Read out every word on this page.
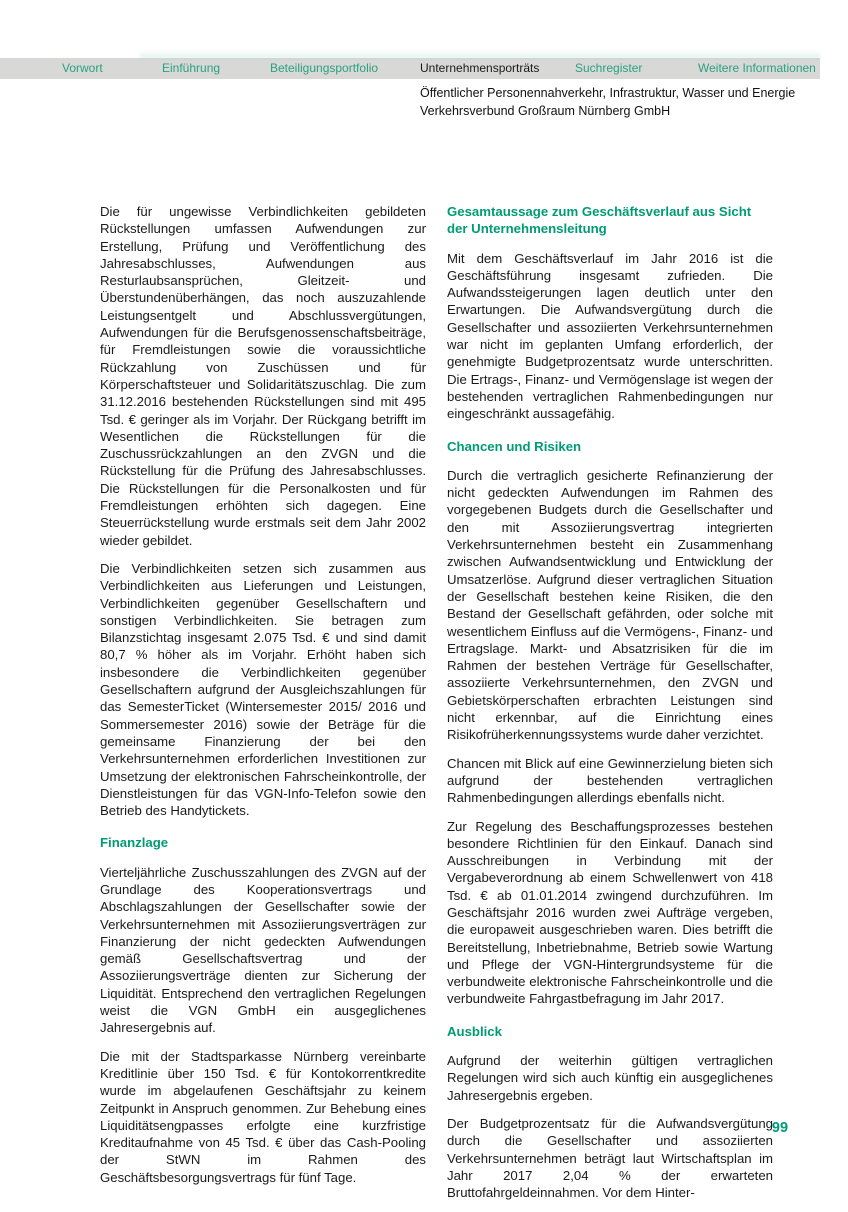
Vorwort	Einführung	Beteiligungsportfolio	Unternehmensporträts	Suchregister	Weitere Informationen
Öffentlicher Personennahverkehr, Infrastruktur, Wasser und Energie
Verkehrsverbund Großraum Nürnberg GmbH

Die für ungewisse Verbindlichkeiten gebildeten Rückstellungen umfassen Aufwendungen zur Erstellung, Prüfung und Veröffentlichung des Jahresabschlusses, Aufwendungen aus Resturlaubsansprüchen, Gleitzeit- und Überstundenüberhängen, das noch auszuzahlende Leistungsentgelt und Abschlussvergütungen, Aufwendungen für die Berufsgenossenschaftsbeiträge, für Fremdleistungen sowie die voraussichtliche Rückzahlung von Zuschüssen und für Körperschaftsteuer und Solidaritätszuschlag. Die zum 31.12.2016 bestehenden Rückstellungen sind mit 495 Tsd. € geringer als im Vorjahr. Der Rückgang betrifft im Wesentlichen die Rückstellungen für die Zuschussrückzahlungen an den ZVGN und die Rückstellung für die Prüfung des Jahresabschlusses. Die Rückstellungen für die Personalkosten und für Fremdleistungen erhöhten sich dagegen. Eine Steuerrückstellung wurde erstmals seit dem Jahr 2002 wieder gebildet.

Die Verbindlichkeiten setzen sich zusammen aus Verbindlichkeiten aus Lieferungen und Leistungen, Verbindlichkeiten gegenüber Gesellschaftern und sonstigen Verbindlichkeiten. Sie betragen zum Bilanzstichtag insgesamt 2.075 Tsd. € und sind damit 80,7 % höher als im Vorjahr. Erhöht haben sich insbesondere die Verbindlichkeiten gegenüber Gesellschaftern aufgrund der Ausgleichszahlungen für das SemesterTicket (Wintersemester 2015/ 2016 und Sommersemester 2016) sowie der Beträge für die gemeinsame Finanzierung der bei den Verkehrsunternehmen erforderlichen Investitionen zur Umsetzung der elektronischen Fahrscheinkontrolle, der Dienstleistungen für das VGN-Info-Telefon sowie den Betrieb des Handytickets.

Finanzlage

Vierteljährliche Zuschusszahlungen des ZVGN auf der Grundlage des Kooperationsvertrags und Abschlagszahlungen der Gesellschafter sowie der Verkehrsunternehmen mit Assoziierungsverträgen zur Finanzierung der nicht gedeckten Aufwendungen gemäß Gesellschaftsvertrag und der Assoziierungsverträge dienten zur Sicherung der Liquidität. Entsprechend den vertraglichen Regelungen weist die VGN GmbH ein ausgeglichenes Jahresergebnis auf.

Die mit der Stadtsparkasse Nürnberg vereinbarte Kreditlinie über 150 Tsd. € für Kontokorrentkredite wurde im abgelaufenen Geschäftsjahr zu keinem Zeitpunkt in Anspruch genommen. Zur Behebung eines Liquiditätsengpasses erfolgte eine kurzfristige Kreditaufnahme von 45 Tsd. € über das Cash-Pooling der StWN im Rahmen des Geschäftsbesorgungsvertrags für fünf Tage.

Gesamtaussage zum Geschäftsverlauf aus Sicht der Unternehmensleitung

Mit dem Geschäftsverlauf im Jahr 2016 ist die Geschäftsführung insgesamt zufrieden. Die Aufwandssteigerungen lagen deutlich unter den Erwartungen. Die Aufwandsvergütung durch die Gesellschafter und assoziierten Verkehrsunternehmen war nicht im geplanten Umfang erforderlich, der genehmigte Budgetprozentsatz wurde unterschritten. Die Ertrags-, Finanz- und Vermögenslage ist wegen der bestehenden vertraglichen Rahmenbedingungen nur eingeschränkt aussagefähig.

Chancen und Risiken

Durch die vertraglich gesicherte Refinanzierung der nicht gedeckten Aufwendungen im Rahmen des vorgegebenen Budgets durch die Gesellschafter und den mit Assoziierungsvertrag integrierten Verkehrsunternehmen besteht ein Zusammenhang zwischen Aufwandsentwicklung und Entwicklung der Umsatzerlöse. Aufgrund dieser vertraglichen Situation der Gesellschaft bestehen keine Risiken, die den Bestand der Gesellschaft gefährden, oder solche mit wesentlichem Einfluss auf die Vermögens-, Finanz- und Ertragslage. Markt- und Absatzrisiken für die im Rahmen der bestehen Verträge für Gesellschafter, assoziierte Verkehrsunternehmen, den ZVGN und Gebietskörperschaften erbrachten Leistungen sind nicht erkennbar, auf die Einrichtung eines Risikofrüherkennungssystems wurde daher verzichtet.

Chancen mit Blick auf eine Gewinnerzielung bieten sich aufgrund der bestehenden vertraglichen Rahmenbedingungen allerdings ebenfalls nicht.

Zur Regelung des Beschaffungsprozesses bestehen besondere Richtlinien für den Einkauf. Danach sind Ausschreibungen in Verbindung mit der Vergabeverordnung ab einem Schwellenwert von 418 Tsd. € ab 01.01.2014 zwingend durchzuführen. Im Geschäftsjahr 2016 wurden zwei Aufträge vergeben, die europaweit ausgeschrieben waren. Dies betrifft die Bereitstellung, Inbetriebnahme, Betrieb sowie Wartung und Pflege der VGN-Hintergrundsysteme für die verbundweite elektronische Fahrscheinkontrolle und die verbundweite Fahrgastbefragung im Jahr 2017.

Ausblick

Aufgrund der weiterhin gültigen vertraglichen Regelungen wird sich auch künftig ein ausgeglichenes Jahresergebnis ergeben.

Der Budgetprozentsatz für die Aufwandsvergütung durch die Gesellschafter und assoziierten Verkehrsunternehmen beträgt laut Wirtschaftsplan im Jahr 2017 2,04 % der erwarteten Bruttofahrgeldeinnahmen. Vor dem Hinter-

99
